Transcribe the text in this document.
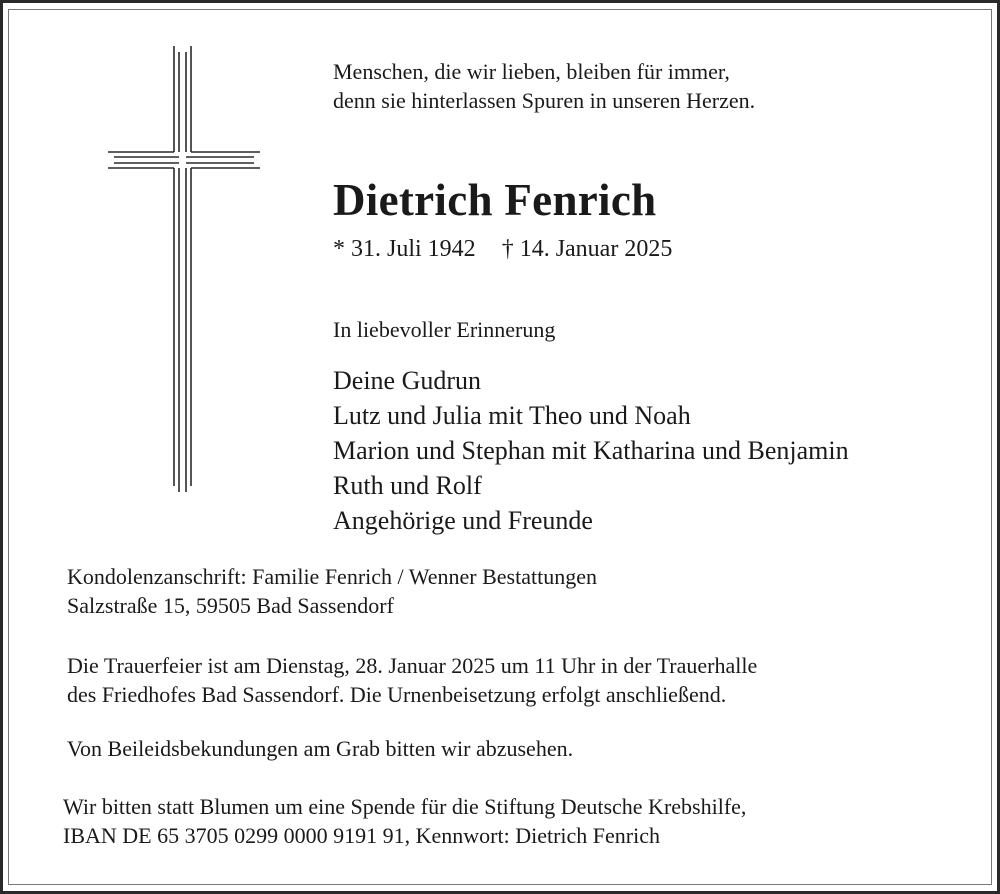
Menschen, die wir lieben, bleiben für immer,
denn sie hinterlassen Spuren in unseren Herzen.
Dietrich Fenrich
* 31. Juli 1942 † 14. Januar 2025
In liebevoller Erinnerung
Deine Gudrun
Lutz und Julia mit Theo und Noah
Marion und Stephan mit Katharina und Benjamin
Ruth und Rolf
Angehörige und Freunde
Kondolenzanschrift: Familie Fenrich / Wenner Bestattungen
Salzstraße 15, 59505 Bad Sassendorf
Die Trauerfeier ist am Dienstag, 28. Januar 2025 um 11 Uhr in der Trauerhalle
des Friedhofes Bad Sassendorf. Die Urnenbeisetzung erfolgt anschließend.
Von Beileidsbekundungen am Grab bitten wir abzusehen.
Wir bitten statt Blumen um eine Spende für die Stiftung Deutsche Krebshilfe,
IBAN DE 65 3705 0299 0000 9191 91, Kennwort: Dietrich Fenrich
